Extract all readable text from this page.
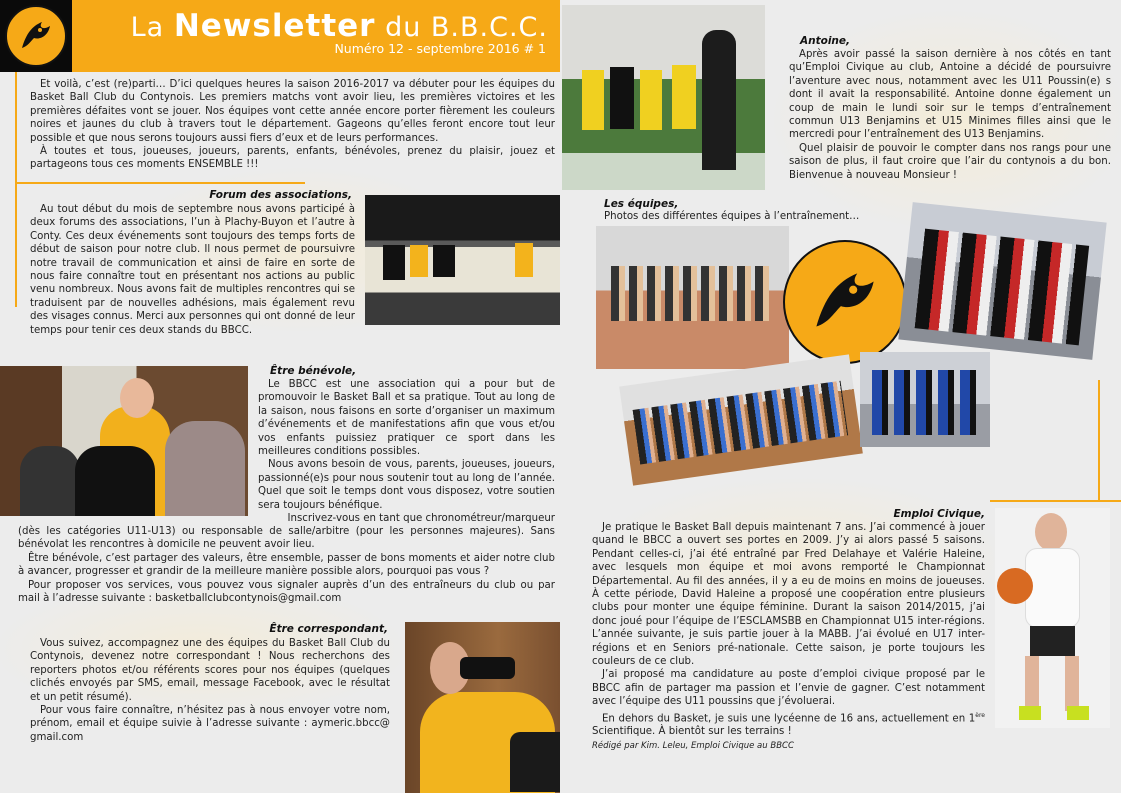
La Newsletter du B.B.C.C.
Numéro 12 - septembre 2016 # 1

Et voilà, c’est (re)parti… D’ici quelques heures la saison 2016-2017 va débuter pour les équipes du Basket Ball Club du Contynois. Les premiers matchs vont avoir lieu, les premières victoires et les premières défaites vont se jouer. Nos équipes vont cette année encore porter fièrement les couleurs noires et jaunes du club à travers tout le département. Gageons qu’elles feront encore tout leur possible et que nous serons toujours aussi fiers d’eux et de leurs performances.

À toutes et tous, joueuses, joueurs, parents, enfants, bénévoles, prenez du plaisir, jouez et partageons tous ces moments ENSEMBLE !!!

Forum des associations,

Au tout début du mois de septembre nous avons participé à deux forums des associations, l’un à Plachy-Buyon et l’autre à Conty. Ces deux événements sont toujours des temps forts de début de saison pour notre club. Il nous permet de poursuivre notre travail de communication et ainsi de faire en sorte de nous faire connaître tout en présentant nos actions au public venu nombreux. Nous avons fait de multiples rencontres qui se traduisent par de nouvelles adhésions, mais également revu des visages connus. Merci aux personnes qui ont donné de leur temps pour tenir ces deux stands du BBCC.

Être bénévole,

Le BBCC est une association qui a pour but de promouvoir le Basket Ball et sa pratique. Tout au long de la saison, nous faisons en sorte d’organiser un maximum d’événements et de manifestations afin que vous et/ou vos enfants puissiez pratiquer ce sport dans les meilleures conditions possibles.

Nous avons besoin de vous, parents, joueuses, joueurs, passionné(e)s pour nous soutenir tout au long de l’année. Quel que soit le temps dont vous disposez, votre soutien sera toujours bénéfique.

Inscrivez-vous en tant que chronométreur/marqueur

(dès les catégories U11-U13) ou responsable de salle/arbitre (pour les personnes majeures). Sans bénévolat les rencontres à domicile ne peuvent avoir lieu.

Être bénévole, c’est partager des valeurs, être ensemble, passer de bons moments et aider notre club à avancer, progresser et grandir de la meilleure manière possible alors, pourquoi pas vous ?

Pour proposer vos services, vous pouvez vous signaler auprès d’un des entraîneurs du club ou par mail à l’adresse suivante : basketballclubcontynois@gmail.com

Être correspondant,

Vous suivez, accompagnez une des équipes du Basket Ball Club du Contynois, devenez notre correspondant ! Nous recherchons des reporters photos et/ou référents scores pour nos équipes (quelques clichés envoyés par SMS, email, message Facebook, avec le résultat et un petit résumé).

Pour vous faire connaître, n’hésitez pas à nous envoyer votre nom, prénom, email et équipe suivie à l’adresse suivante : aymeric.bbcc@ gmail.com

Antoine,

Après avoir passé la saison dernière à nos côtés en tant qu’Emploi Civique au club, Antoine a décidé de poursuivre l’aventure avec nous, notamment avec les U11 Poussin(e) s dont il avait la responsabilité. Antoine donne également un coup de main le lundi soir sur le temps d’entraînement commun U13 Benjamins et U15 Minimes filles ainsi que le mercredi pour l’entraînement des U13 Benjamins.

Quel plaisir de pouvoir le compter dans nos rangs pour une saison de plus, il faut croire que l’air du contynois a du bon. Bienvenue à nouveau Monsieur !

Les équipes,
Photos des différentes équipes à l’entraînement…
Emploi Civique,

Je pratique le Basket Ball depuis maintenant 7 ans. J’ai commencé à jouer quand le BBCC a ouvert ses portes en 2009. J’y ai alors passé 5 saisons. Pendant celles-ci, j’ai été entraîné par Fred Delahaye et Valérie Haleine, avec lesquels mon équipe et moi avons remporté le Championnat Départemental. Au fil des années, il y a eu de moins en moins de joueuses. À cette période, David Haleine a proposé une coopération entre plusieurs clubs pour monter une équipe féminine. Durant la saison 2014/2015, j’ai donc joué pour l’équipe de l’ESCLAMSBB en Championnat U15 inter-régions. L’année suivante, je suis partie jouer à la MABB. J’ai évolué en U17 inter-régions et en Seniors pré-nationale. Cette saison, je porte toujours les couleurs de ce club.

J’ai proposé ma candidature au poste d’emploi civique proposé par le BBCC afin de partager ma passion et l’envie de gagner. C’est notamment avec l’équipe des U11 poussins que j’évoluerai.

En dehors du Basket, je suis une lycéenne de 16 ans, actuellement en 1ère Scientifique. À bientôt sur les terrains !

Rédigé par Kim. Leleu, Emploi Civique au BBCC
